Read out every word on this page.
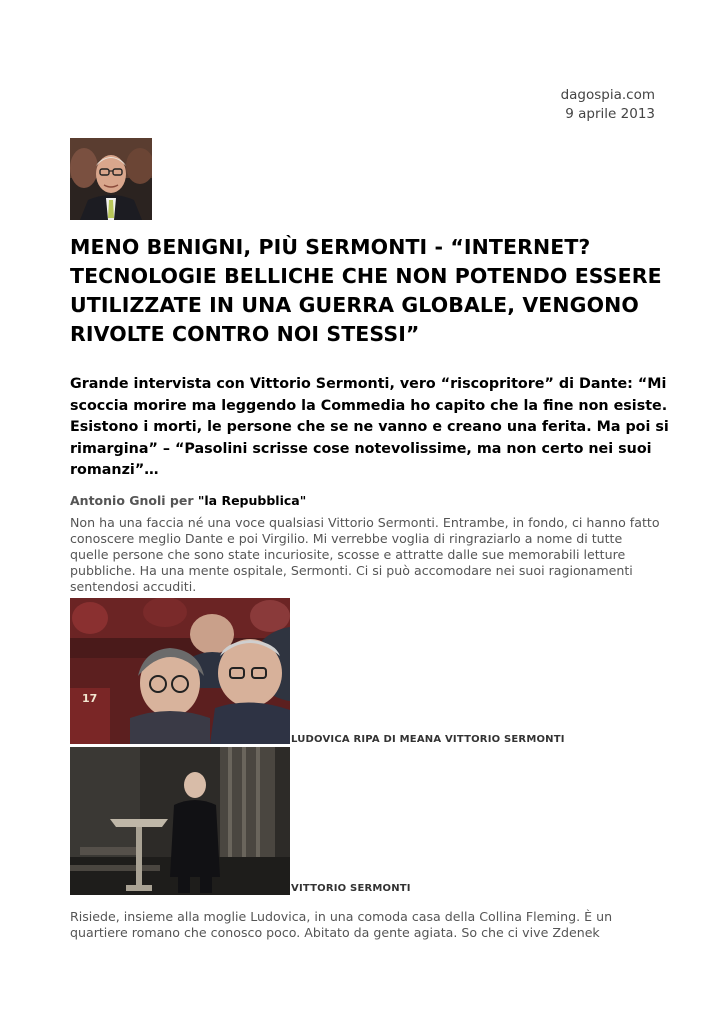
dagospia.com
9 aprile 2013
MENO BENIGNI, PIÙ SERMONTI - “INTERNET? TECNOLOGIE BELLICHE CHE NON POTENDO ESSERE UTILIZZATE IN UNA GUERRA GLOBALE, VENGONO RIVOLTE CONTRO NOI STESSI”

Grande intervista con Vittorio Sermonti, vero “riscopritore” di Dante: “Mi scoccia morire ma leggendo la Commedia ho capito che la fine non esiste. Esistono i morti, le persone che se ne vanno e creano una ferita. Ma poi si rimargina” – “Pasolini scrisse cose notevolissime, ma non certo nei suoi romanzi”…

Antonio Gnoli per "la Repubblica"

Non ha una faccia né una voce qualsiasi Vittorio Sermonti. Entrambe, in fondo, ci hanno fatto conoscere meglio Dante e poi Virgilio. Mi verrebbe voglia di ringraziarlo a nome di tutte quelle persone che sono state incuriosite, scosse e attratte dalle sue memorabili letture pubbliche. Ha una mente ospitale, Sermonti. Ci si può accomodare nei suoi ragionamenti sentendosi accuditi.

17
LUDOVICA RIPA DI MEANA VITTORIO SERMONTI
VITTORIO SERMONTI

Risiede, insieme alla moglie Ludovica, in una comoda casa della Collina Fleming. È un quartiere romano che conosco poco. Abitato da gente agiata. So che ci vive Zdenek
